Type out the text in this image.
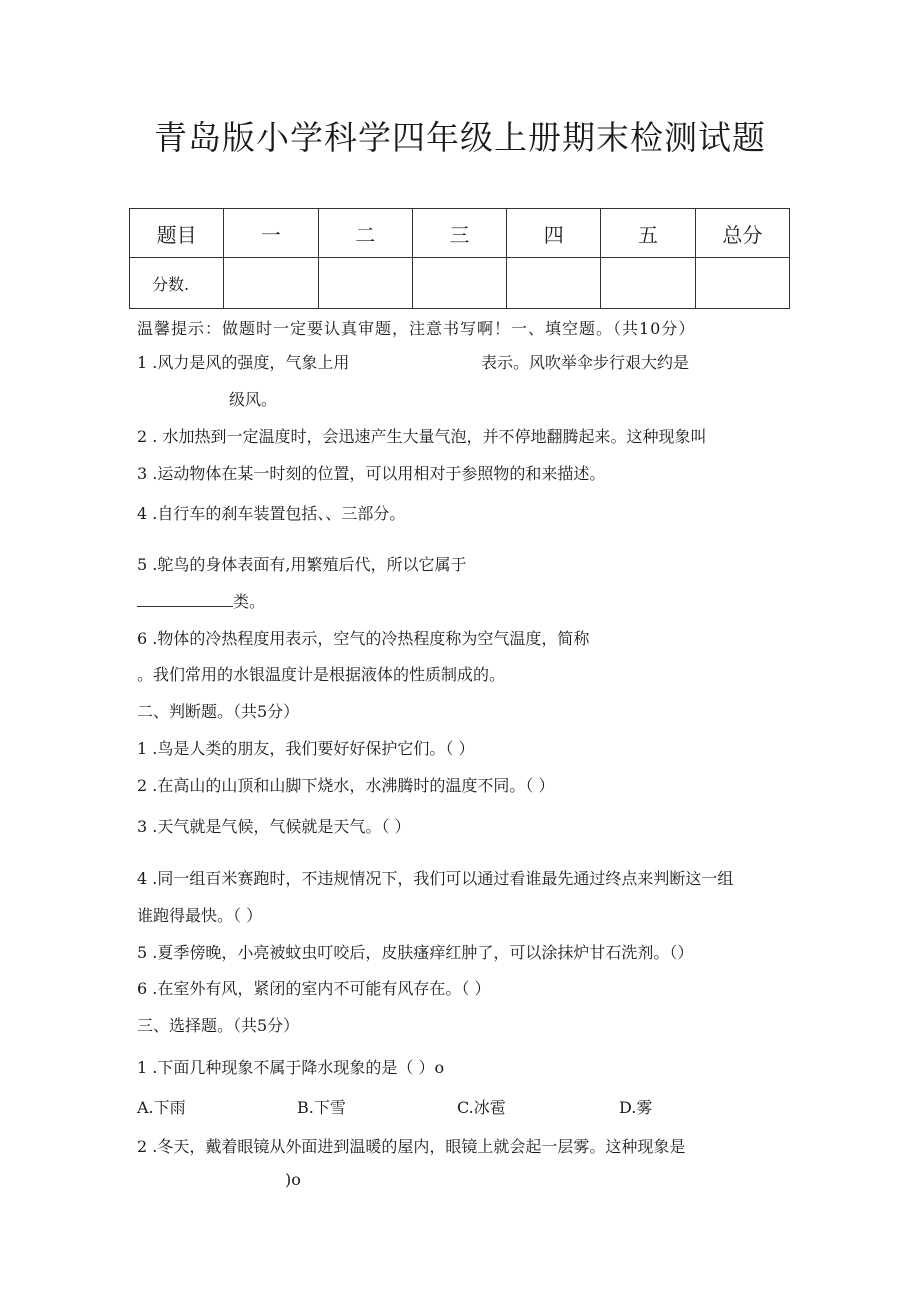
青岛版小学科学四年级上册期末检测试题
题目	一	二	三	四	五	总分
分数.						
温馨提示：做题时一定要认真审题，注意书写啊！一、填空题。（共10分）
1 .风力是风的强度，气象上用	表示。风吹举伞步行艰大约是
级风。
2 . 水加热到一定温度时，会迅速产生大量气泡，并不停地翻腾起来。这种现象叫
3 .运动物体在某一时刻的位置，可以用相对于参照物的和来描述。
4 .自行车的刹车装置包括、、三部分。
5 .鸵鸟的身体表面有,用繁殖后代，所以它属于
类。
6 .物体的冷热程度用表示，空气的冷热程度称为空气温度，简称
。我们常用的水银温度计是根据液体的性质制成的。
二、判断题。（共5分）
1 .鸟是人类的朋友，我们要好好保护它们。（ ）
2 .在高山的山顶和山脚下烧水，水沸腾时的温度不同。（ ）
3 .天气就是气候，气候就是天气。（ ）
4 .同一组百米赛跑时，不违规情况下，我们可以通过看谁最先通过终点来判断这一组
谁跑得最快。（ ）
5 .夏季傍晚，小亮被蚊虫叮咬后，皮肤瘙痒红肿了，可以涂抹炉甘石洗剂。（）
6 .在室外有风，紧闭的室内不可能有风存在。（ ）
三、选择题。（共5分）
1 .下面几种现象不属于降水现象的是（ ）o
A.下雨	B.下雪	C.冰雹	D.雾
2 .冬天，戴着眼镜从外面进到温暖的屋内，眼镜上就会起一层雾。这种现象是
)o
